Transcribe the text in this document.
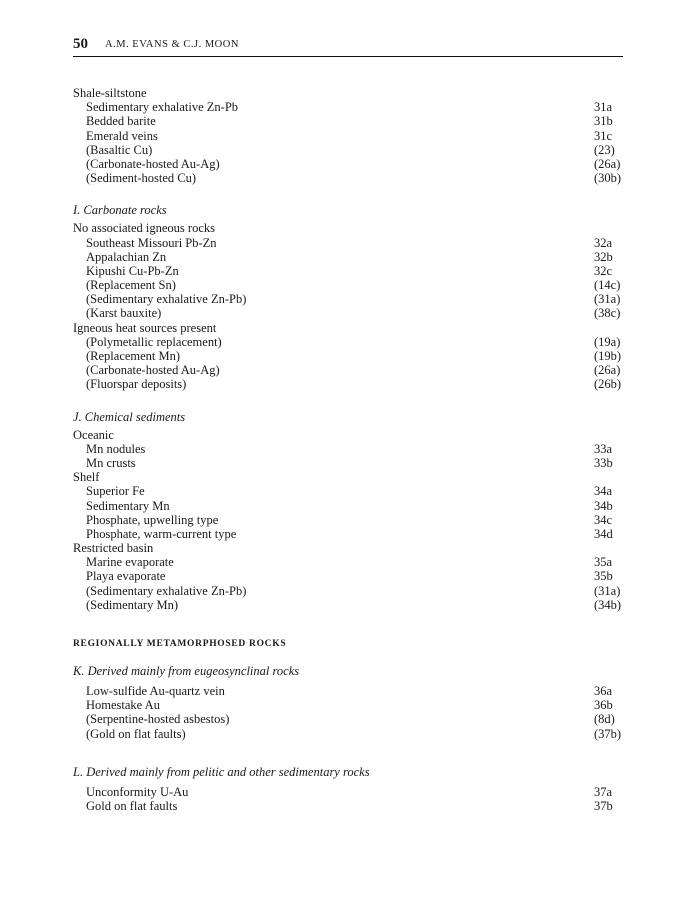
50 A.M. EVANS & C.J. MOON
Shale-siltstone
Sedimentary exhalative Zn-Pb	31a
Bedded barite	31b
Emerald veins	31c
(Basaltic Cu)	(23)
(Carbonate-hosted Au-Ag)	(26a)
(Sediment-hosted Cu)	(30b)
I. Carbonate rocks
No associated igneous rocks
Southeast Missouri Pb-Zn	32a
Appalachian Zn	32b
Kipushi Cu-Pb-Zn	32c
(Replacement Sn)	(14c)
(Sedimentary exhalative Zn-Pb)	(31a)
(Karst bauxite)	(38c)
Igneous heat sources present
(Polymetallic replacement)	(19a)
(Replacement Mn)	(19b)
(Carbonate-hosted Au-Ag)	(26a)
(Fluorspar deposits)	(26b)
J. Chemical sediments
Oceanic
Mn nodules	33a
Mn crusts	33b
Shelf
Superior Fe	34a
Sedimentary Mn	34b
Phosphate, upwelling type	34c
Phosphate, warm-current type	34d
Restricted basin
Marine evaporate	35a
Playa evaporate	35b
(Sedimentary exhalative Zn-Pb)	(31a)
(Sedimentary Mn)	(34b)
REGIONALLY METAMORPHOSED ROCKS
K. Derived mainly from eugeosynclinal rocks
Low-sulfide Au-quartz vein	36a
Homestake Au	36b
(Serpentine-hosted asbestos)	(8d)
(Gold on flat faults)	(37b)
L. Derived mainly from pelitic and other sedimentary rocks
Unconformity U-Au	37a
Gold on flat faults	37b
